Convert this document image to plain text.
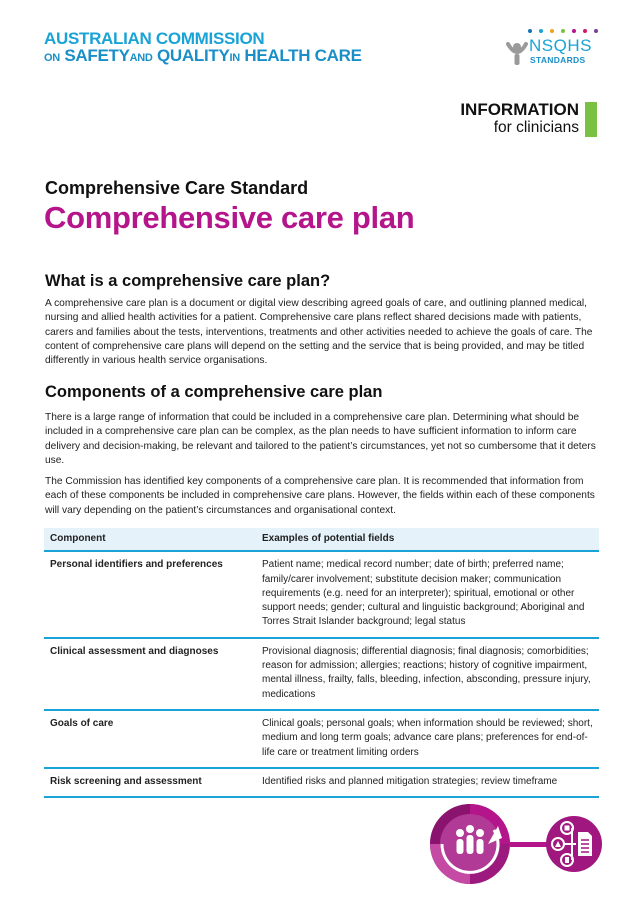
AUSTRALIAN COMMISSION
ON SAFETYAND QUALITYIN HEALTH CARE
NSQHS
STANDARDS
INFORMATION
for clinicians
Comprehensive Care Standard
Comprehensive care plan
What is a comprehensive care plan?
A comprehensive care plan is a document or digital view describing agreed goals of care, and outlining planned medical, nursing and allied health activities for a patient. Comprehensive care plans reflect shared decisions made with patients, carers and families about the tests, interventions, treatments and other activities needed to achieve the goals of care. The content of comprehensive care plans will depend on the setting and the service that is being provided, and may be titled differently in various health service organisations.
Components of a comprehensive care plan
There is a large range of information that could be included in a comprehensive care plan. Determining what should be included in a comprehensive care plan can be complex, as the plan needs to have sufficient information to inform care delivery and decision-making, be relevant and tailored to the patient’s circumstances, yet not so cumbersome that it deters use.
The Commission has identified key components of a comprehensive care plan. It is recommended that information from each of these components be included in comprehensive care plans. However, the fields within each of these components will vary depending on the patient’s circumstances and organisational context.
Component	Examples of potential fields
Personal identifiers and preferences	Patient name; medical record number; date of birth; preferred name; family/carer involvement; substitute decision maker; communication requirements (e.g. need for an interpreter); spiritual, emotional or other support needs; gender; cultural and linguistic background; Aboriginal and Torres Strait Islander background; legal status
Clinical assessment and diagnoses	Provisional diagnosis; differential diagnosis; final diagnosis; comorbidities; reason for admission; allergies; reactions; history of cognitive impairment, mental illness, frailty, falls, bleeding, infection, absconding, pressure injury, medications
Goals of care	Clinical goals; personal goals; when information should be reviewed; short, medium and long term goals; advance care plans; preferences for end-of-life care or treatment limiting orders
Risk screening and assessment	Identified risks and planned mitigation strategies; review timeframe
